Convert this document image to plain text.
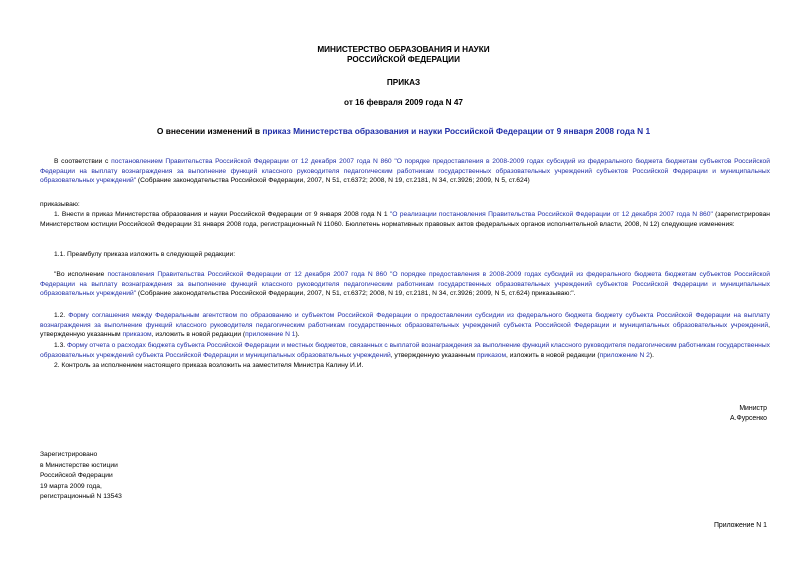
МИНИСТЕРСТВО ОБРАЗОВАНИЯ И НАУКИ
РОССИЙСКОЙ ФЕДЕРАЦИИ
ПРИКАЗ
от 16 февраля 2009 года N 47
О внесении изменений в приказ Министерства образования и науки Российской Федерации от 9 января 2008 года N 1
В соответствии с постановлением Правительства Российской Федерации от 12 декабря 2007 года N 860 "О порядке предоставления в 2008-2009 годах субсидий из федерального бюджета бюджетам субъектов Российской Федерации на выплату вознаграждения за выполнение функций классного руководителя педагогическим работникам государственных образовательных учреждений субъектов Российской Федерации и муниципальных образовательных учреждений" (Собрание законодательства Российской Федерации, 2007, N 51, ст.6372; 2008, N 19, ст.2181, N 34, ст.3926; 2009, N 5, ст.624)
приказываю:
1. Внести в приказ Министерства образования и науки Российской Федерации от 9 января 2008 года N 1 "О реализации постановления Правительства Российской Федерации от 12 декабря 2007 года N 860" (зарегистрирован Министерством юстиции Российской Федерации 31 января 2008 года, регистрационный N 11060. Бюллетень нормативных правовых актов федеральных органов исполнительной власти, 2008, N 12) следующие изменения:
1.1. Преамбулу приказа изложить в следующей редакции:
"Во исполнение постановления Правительства Российской Федерации от 12 декабря 2007 года N 860 "О порядке предоставления в 2008-2009 годах субсидий из федерального бюджета бюджетам субъектов Российской Федерации на выплату вознаграждения за выполнение функций классного руководителя педагогическим работникам государственных образовательных учреждений субъектов Российской Федерации и муниципальных образовательных учреждений" (Собрание законодательства Российской Федерации, 2007, N 51, ст.6372; 2008, N 19, ст.2181, N 34, ст.3926; 2009, N 5, ст.624) приказываю:".
1.2. Форму соглашения между Федеральным агентством по образованию и субъектом Российской Федерации о предоставлении субсидии из федерального бюджета бюджету субъекта Российской Федерации на выплату вознаграждения за выполнение функций классного руководителя педагогическим работникам государственных образовательных учреждений субъекта Российской Федерации и муниципальных образовательных учреждений, утвержденную указанным приказом, изложить в новой редакции (приложение N 1).
1.3. Форму отчета о расходах бюджета субъекта Российской Федерации и местных бюджетов, связанных с выплатой вознаграждения за выполнение функций классного руководителя педагогическим работникам государственных образовательных учреждений субъекта Российской Федерации и муниципальных образовательных учреждений, утвержденную указанным приказом, изложить в новой редакции (приложение N 2).
2. Контроль за исполнением настоящего приказа возложить на заместителя Министра Калину И.И.
Министр
А.Фурсенко
Зарегистрировано
в Министерстве юстиции
Российской Федерации
19 марта 2009 года,
регистрационный N 13543
Приложение N 1
